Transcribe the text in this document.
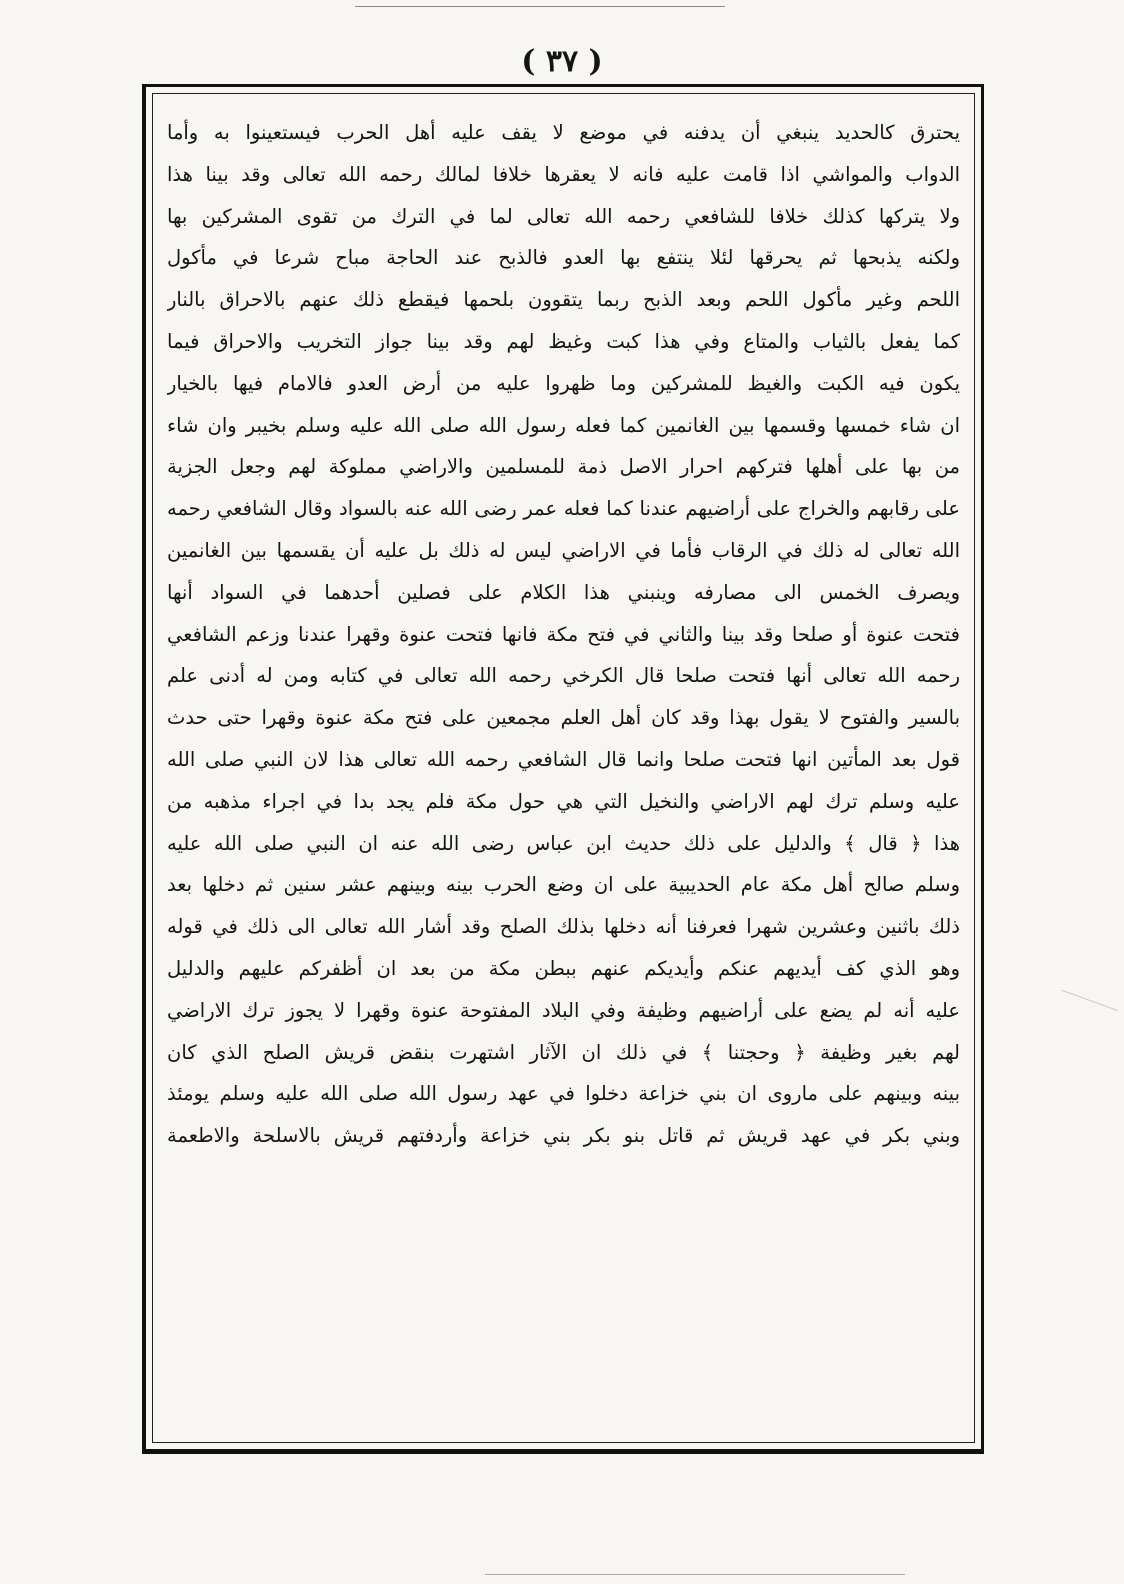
( ٣٧ )
يحترق كالحديد ينبغي أن يدفنه في موضع لا يقف عليه أهل الحرب فيستعينوا به وأما
الدواب والمواشي اذا قامت عليه فانه لا يعقرها خلافا لمالك رحمه الله تعالى وقد بينا هذا
ولا يتركها كذلك خلافا للشافعي رحمه الله تعالى لما في الترك من تقوى المشركين بها
ولكنه يذبحها ثم يحرقها لئلا ينتفع بها العدو فالذبح عند الحاجة مباح شرعا في مأكول
اللحم وغير مأكول اللحم وبعد الذبح ربما يتقوون بلحمها فيقطع ذلك عنهم بالاحراق بالنار
كما يفعل بالثياب والمتاع وفي هذا كبت وغيظ لهم وقد بينا جواز التخريب والاحراق فيما
يكون فيه الكبت والغيظ للمشركين وما ظهروا عليه من أرض العدو فالامام فيها بالخيار
ان شاء خمسها وقسمها بين الغانمين كما فعله رسول الله صلى الله عليه وسلم بخيبر وان شاء
من بها على أهلها فتركهم احرار الاصل ذمة للمسلمين والاراضي مملوكة لهم وجعل الجزية
على رقابهم والخراج على أراضيهم عندنا كما فعله عمر رضى الله عنه بالسواد وقال الشافعي رحمه
الله تعالى له ذلك في الرقاب فأما في الاراضي ليس له ذلك بل عليه أن يقسمها بين الغانمين
ويصرف الخمس الى مصارفه وينبني هذا الكلام على فصلين أحدهما في السواد أنها
فتحت عنوة أو صلحا وقد بينا والثاني في فتح مكة فانها فتحت عنوة وقهرا عندنا وزعم الشافعي
رحمه الله تعالى أنها فتحت صلحا قال الكرخي رحمه الله تعالى في كتابه ومن له أدنى علم
بالسير والفتوح لا يقول بهذا وقد كان أهل العلم مجمعين على فتح مكة عنوة وقهرا حتى حدث
قول بعد المأتين انها فتحت صلحا وانما قال الشافعي رحمه الله تعالى هذا لان النبي صلى الله
عليه وسلم ترك لهم الاراضي والنخيل التي هي حول مكة فلم يجد بدا في اجراء مذهبه من
هذا ﴿ قال ﴾ والدليل على ذلك حديث ابن عباس رضى الله عنه ان النبي صلى الله عليه
وسلم صالح أهل مكة عام الحديبية على ان وضع الحرب بينه وبينهم عشر سنين ثم دخلها بعد
ذلك باثنين وعشرين شهرا فعرفنا أنه دخلها بذلك الصلح وقد أشار الله تعالى الى ذلك في قوله
وهو الذي كف أيديهم عنكم وأيديكم عنهم ببطن مكة من بعد ان أظفركم عليهم والدليل
عليه أنه لم يضع على أراضيهم وظيفة وفي البلاد المفتوحة عنوة وقهرا لا يجوز ترك الاراضي
لهم بغير وظيفة ﴿ وحجتنا ﴾ في ذلك ان الآثار اشتهرت بنقض قريش الصلح الذي كان
بينه وبينهم على ماروى ان بني خزاعة دخلوا في عهد رسول الله صلى الله عليه وسلم يومئذ
وبني بكر في عهد قريش ثم قاتل بنو بكر بني خزاعة وأردفتهم قريش بالاسلحة والاطعمة
